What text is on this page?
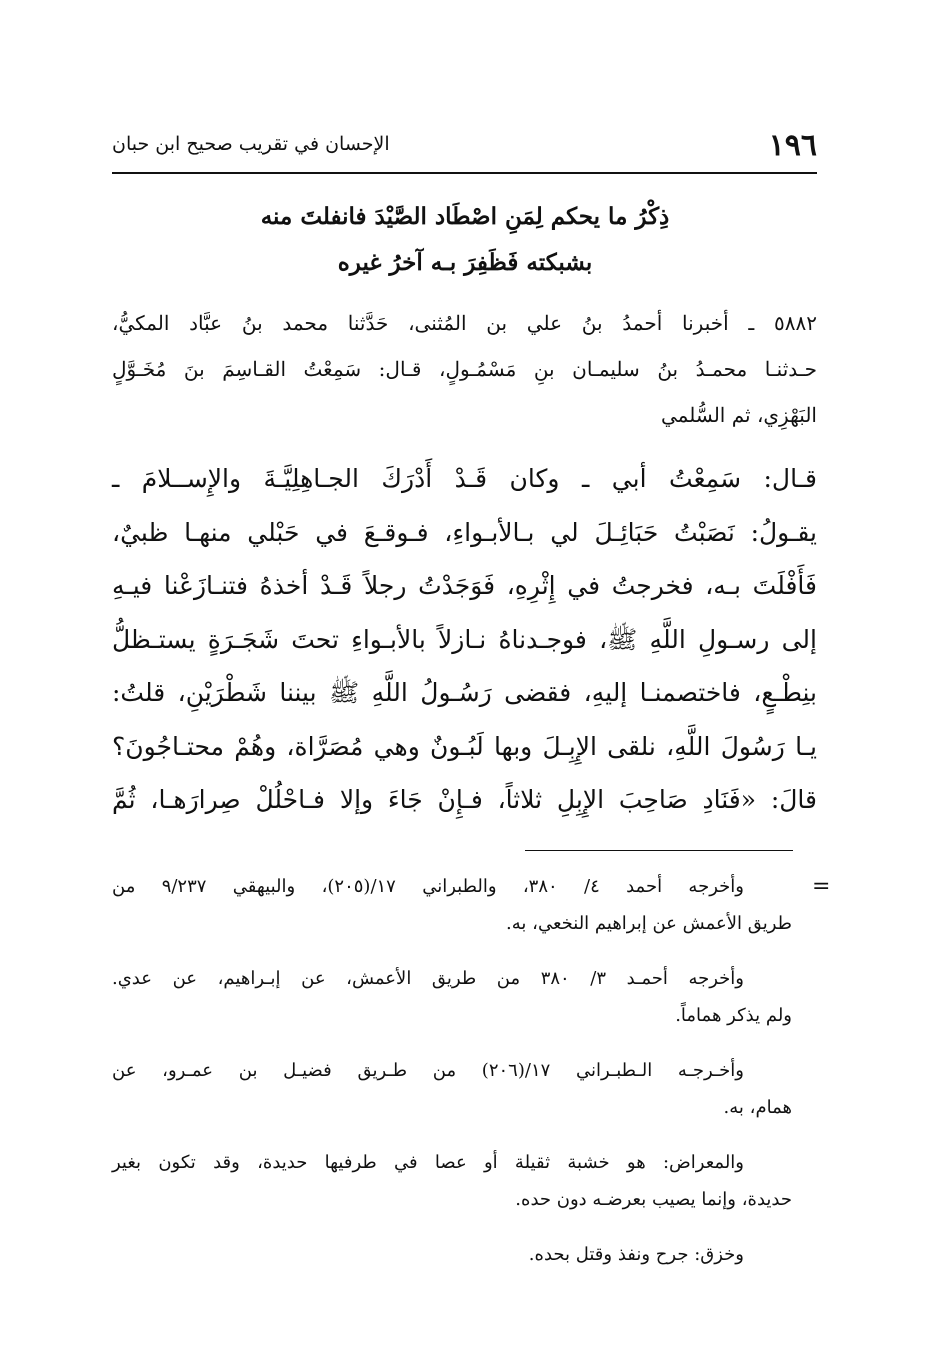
١٩٦
الإحسان في تقريب صحيح ابن حبان
ذِكْرُ ما يحكم لِمَنِ اصْطَاد الصَّيْدَ فانفلتَ منه
بشبكته فَظَفِرَ بـه آخرُ غيره
٥٨٨٢ ـ أخبرنا أحمدُ بنُ علي بن المُثنى، حَدَّثنا محمد بنُ عبَّاد المكيُّ،
حـدثنـا محمـدُ بنُ سليمـان بنِ مَسْمُـولٍ، قـال: سَمِعْتُ القـاسِمَ بنَ مُخَـوَّلٍ
البَهْزِي، ثم السُّلمي
قـال: سَمِعْتُ أبي ـ وكان قَـدْ أَدْرَكَ الجـاهِلِيَّـةَ والإِســلامَ ـ
يقـولُ: نَصَبْتُ حَبَائِـلَ لي بـالأبـواءِ، فـوقـعَ في حَبْلي منهـا ظبيٌ،
فَأَفْلَتَ بـه، فخرجتُ في إِثْرِهِ، فَوَجَدْتُ رجلاً قَـدْ أخذهُ فتنـازَعْنا فيـهِ
إلى رسـولِ اللَّهِ ﷺ، فوجـدناهُ نـازلاً بالأبـواءِ تحتَ شَجَـرَةٍ يستـظلُّ
بنِطْـعٍ، فاختصمنـا إليهِ، فقضى رَسُـولُ اللَّهِ ﷺ بيننا شَطْرَيْنِ، قلتُ:
يـا رَسُولَ اللَّهِ، نلقى الإِبِـلَ وبها لَبُـونٌ وهي مُصَرَّاة، وهُمْ محتـاجُونَ؟
قالَ: «فَنَادِ صَاحِبَ الإِبِلِ ثلاثاً، فـإِنْ جَاءَ وإلا فـاحْلُلْ صِرارَهـا، ثُمَّ
=
وأخرجه أحمد ٤/ ٣٨٠، والطبراني ١٧/(٢٠٥)، والبيهقي ٩/٢٣٧ من
طريق الأعمش عن إبراهيم النخعي، به.
وأخرجه أحمـد ٣/ ٣٨٠ من طريق الأعمش، عن إبـراهيم، عن عدي.
ولم يذكر هماماً.
وأخـرجـه الـطبـراني ١٧/(٢٠٦) من طـريق فضيـل بن عمـرو، عن
همام، به.
والمعراض: هو خشبة ثقيلة أو عصا في طرفيها حديدة، وقد تكون بغير
حديدة، وإنما يصيب بعرضـه دون حده.
وخزق: جرح ونفذ وقتل بحده.
